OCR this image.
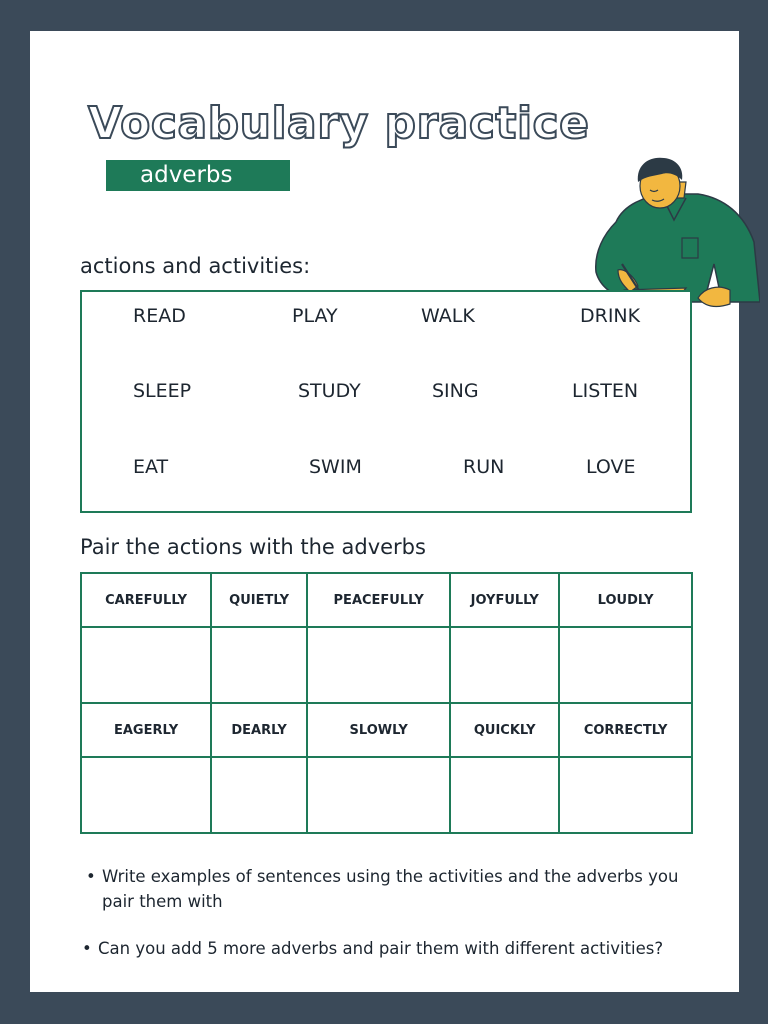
Vocabulary practice
adverbs
actions and activities:
READ	PLAY	WALK	DRINK
SLEEP	STUDY	SING	LISTEN
EAT	SWIM	RUN	LOVE
Pair the actions with the adverbs
CAREFULLY	QUIETLY	PEACEFULLY	JOYFULLY	LOUDLY

EAGERLY	DEARLY	SLOWLY	QUICKLY	CORRECTLY

• Write examples of sentences using the activities and the adverbs you pair them with
• Can you add 5 more adverbs and pair them with different activities?
